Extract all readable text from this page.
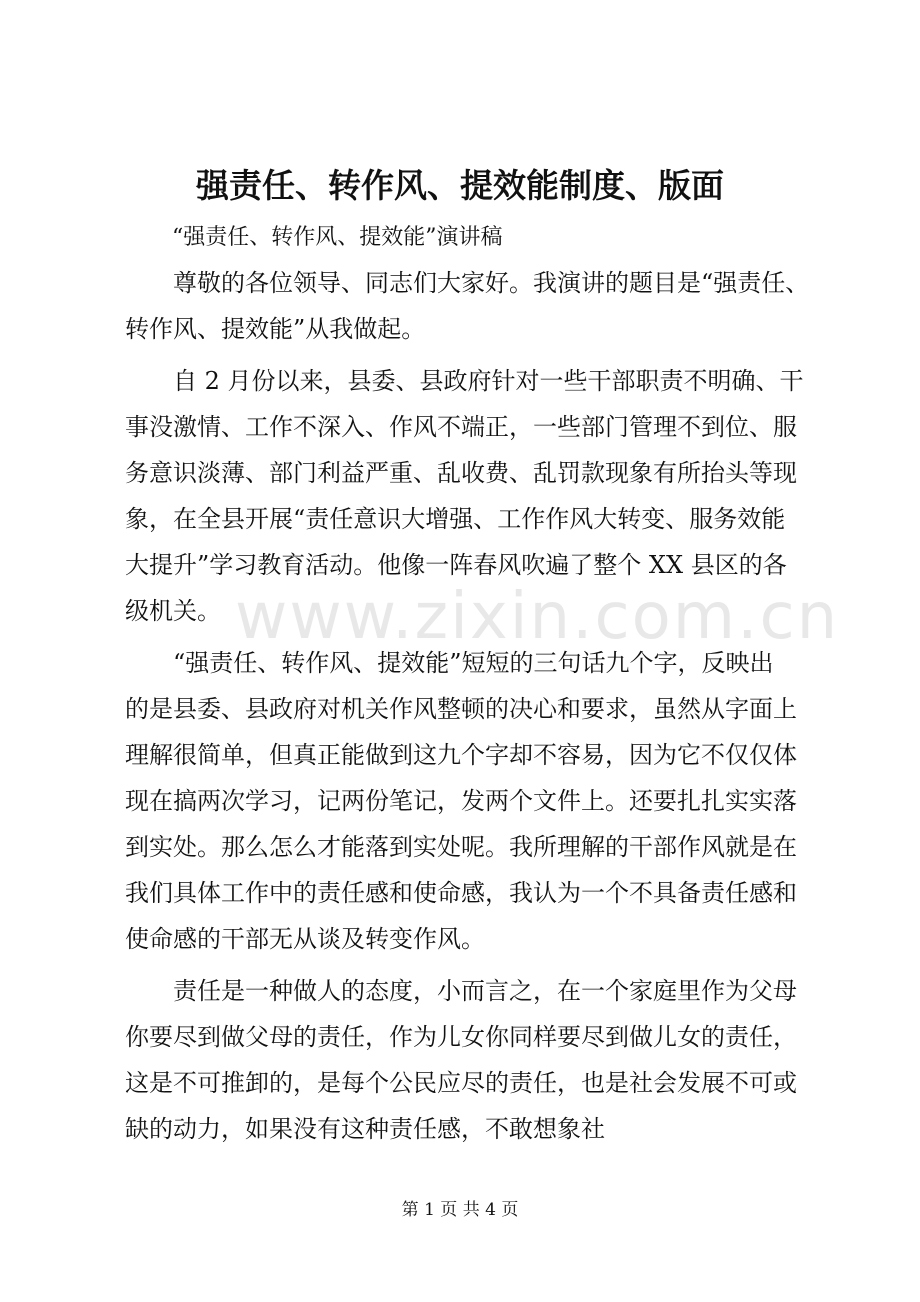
www.zixin.com.cn
强责任、转作风、提效能制度、版面
“强责任、转作风、提效能”演讲稿
尊敬的各位领导、同志们大家好。我演讲的题目是“强责任、
转作风、提效能”从我做起。
自 2 月份以来，县委、县政府针对一些干部职责不明确、干
事没激情、工作不深入、作风不端正，一些部门管理不到位、服
务意识淡薄、部门利益严重、乱收费、乱罚款现象有所抬头等现
象，在全县开展“责任意识大增强、工作作风大转变、服务效能
大提升”学习教育活动。他像一阵春风吹遍了整个 XX 县区的各
级机关。
“强责任、转作风、提效能”短短的三句话九个字，反映出
的是县委、县政府对机关作风整顿的决心和要求，虽然从字面上
理解很简单，但真正能做到这九个字却不容易，因为它不仅仅体
现在搞两次学习，记两份笔记，发两个文件上。还要扎扎实实落
到实处。那么怎么才能落到实处呢。我所理解的干部作风就是在
我们具体工作中的责任感和使命感，我认为一个不具备责任感和
使命感的干部无从谈及转变作风。
责任是一种做人的态度，小而言之，在一个家庭里作为父母
你要尽到做父母的责任，作为儿女你同样要尽到做儿女的责任，
这是不可推卸的，是每个公民应尽的责任，也是社会发展不可或
缺的动力，如果没有这种责任感，不敢想象社
第 1 页 共 4 页
